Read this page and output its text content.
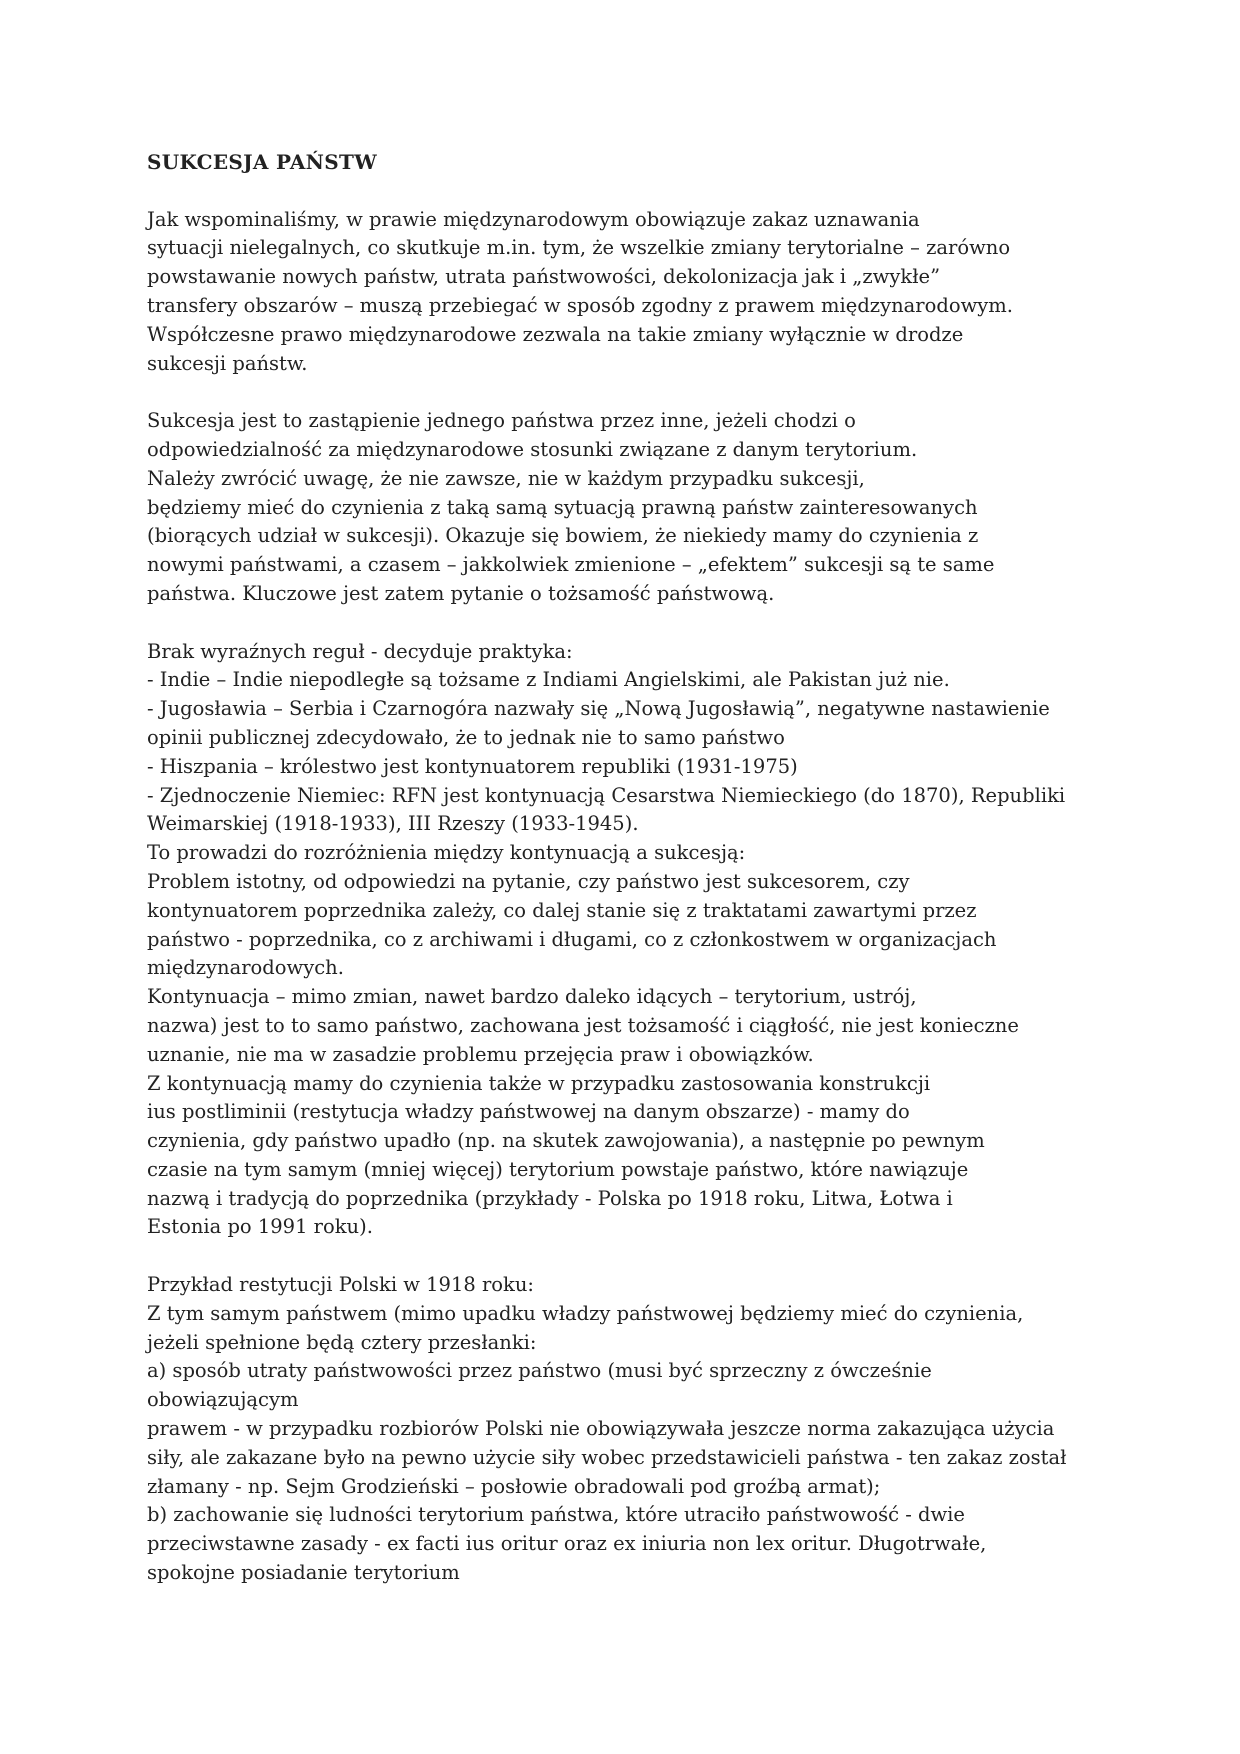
SUKCESJA PAŃSTW
Jak wspominaliśmy, w prawie międzynarodowym obowiązuje zakaz uznawania
sytuacji nielegalnych, co skutkuje m.in. tym, że wszelkie zmiany terytorialne – zarówno
powstawanie nowych państw, utrata państwowości, dekolonizacja jak i „zwykłe”
transfery obszarów – muszą przebiegać w sposób zgodny z prawem międzynarodowym.
Współczesne prawo międzynarodowe zezwala na takie zmiany wyłącznie w drodze
sukcesji państw.
Sukcesja jest to zastąpienie jednego państwa przez inne, jeżeli chodzi o
odpowiedzialność za międzynarodowe stosunki związane z danym terytorium.
Należy zwrócić uwagę, że nie zawsze, nie w każdym przypadku sukcesji,
będziemy mieć do czynienia z taką samą sytuacją prawną państw zainteresowanych
(biorących udział w sukcesji). Okazuje się bowiem, że niekiedy mamy do czynienia z
nowymi państwami, a czasem – jakkolwiek zmienione – „efektem” sukcesji są te same
państwa. Kluczowe jest zatem pytanie o tożsamość państwową.
Brak wyraźnych reguł - decyduje praktyka:
- Indie – Indie niepodległe są tożsame z Indiami Angielskimi, ale Pakistan już nie.
- Jugosławia – Serbia i Czarnogóra nazwały się „Nową Jugosławią”, negatywne nastawienie
opinii publicznej zdecydowało, że to jednak nie to samo państwo
- Hiszpania – królestwo jest kontynuatorem republiki (1931-1975)
- Zjednoczenie Niemiec: RFN jest kontynuacją Cesarstwa Niemieckiego (do 1870), Republiki
Weimarskiej (1918-1933), III Rzeszy (1933-1945).
To prowadzi do rozróżnienia między kontynuacją a sukcesją:
Problem istotny, od odpowiedzi na pytanie, czy państwo jest sukcesorem, czy
kontynuatorem poprzednika zależy, co dalej stanie się z traktatami zawartymi przez
państwo - poprzednika, co z archiwami i długami, co z członkostwem w organizacjach
międzynarodowych.
Kontynuacja – mimo zmian, nawet bardzo daleko idących – terytorium, ustrój,
nazwa) jest to to samo państwo, zachowana jest tożsamość i ciągłość, nie jest konieczne
uznanie, nie ma w zasadzie problemu przejęcia praw i obowiązków.
Z kontynuacją mamy do czynienia także w przypadku zastosowania konstrukcji
ius postliminii (restytucja władzy państwowej na danym obszarze) - mamy do
czynienia, gdy państwo upadło (np. na skutek zawojowania), a następnie po pewnym
czasie na tym samym (mniej więcej) terytorium powstaje państwo, które nawiązuje
nazwą i tradycją do poprzednika (przykłady - Polska po 1918 roku, Litwa, Łotwa i
Estonia po 1991 roku).
Przykład restytucji Polski w 1918 roku:
Z tym samym państwem (mimo upadku władzy państwowej będziemy mieć do czynienia,
jeżeli spełnione będą cztery przesłanki:
a) sposób utraty państwowości przez państwo (musi być sprzeczny z ówcześnie
obowiązującym
prawem - w przypadku rozbiorów Polski nie obowiązywała jeszcze norma zakazująca użycia
siły, ale zakazane było na pewno użycie siły wobec przedstawicieli państwa - ten zakaz został
złamany - np. Sejm Grodzieński – posłowie obradowali pod groźbą armat);
b) zachowanie się ludności terytorium państwa, które utraciło państwowość - dwie
przeciwstawne zasady - ex facti ius oritur oraz ex iniuria non lex oritur. Długotrwałe,
spokojne posiadanie terytorium
